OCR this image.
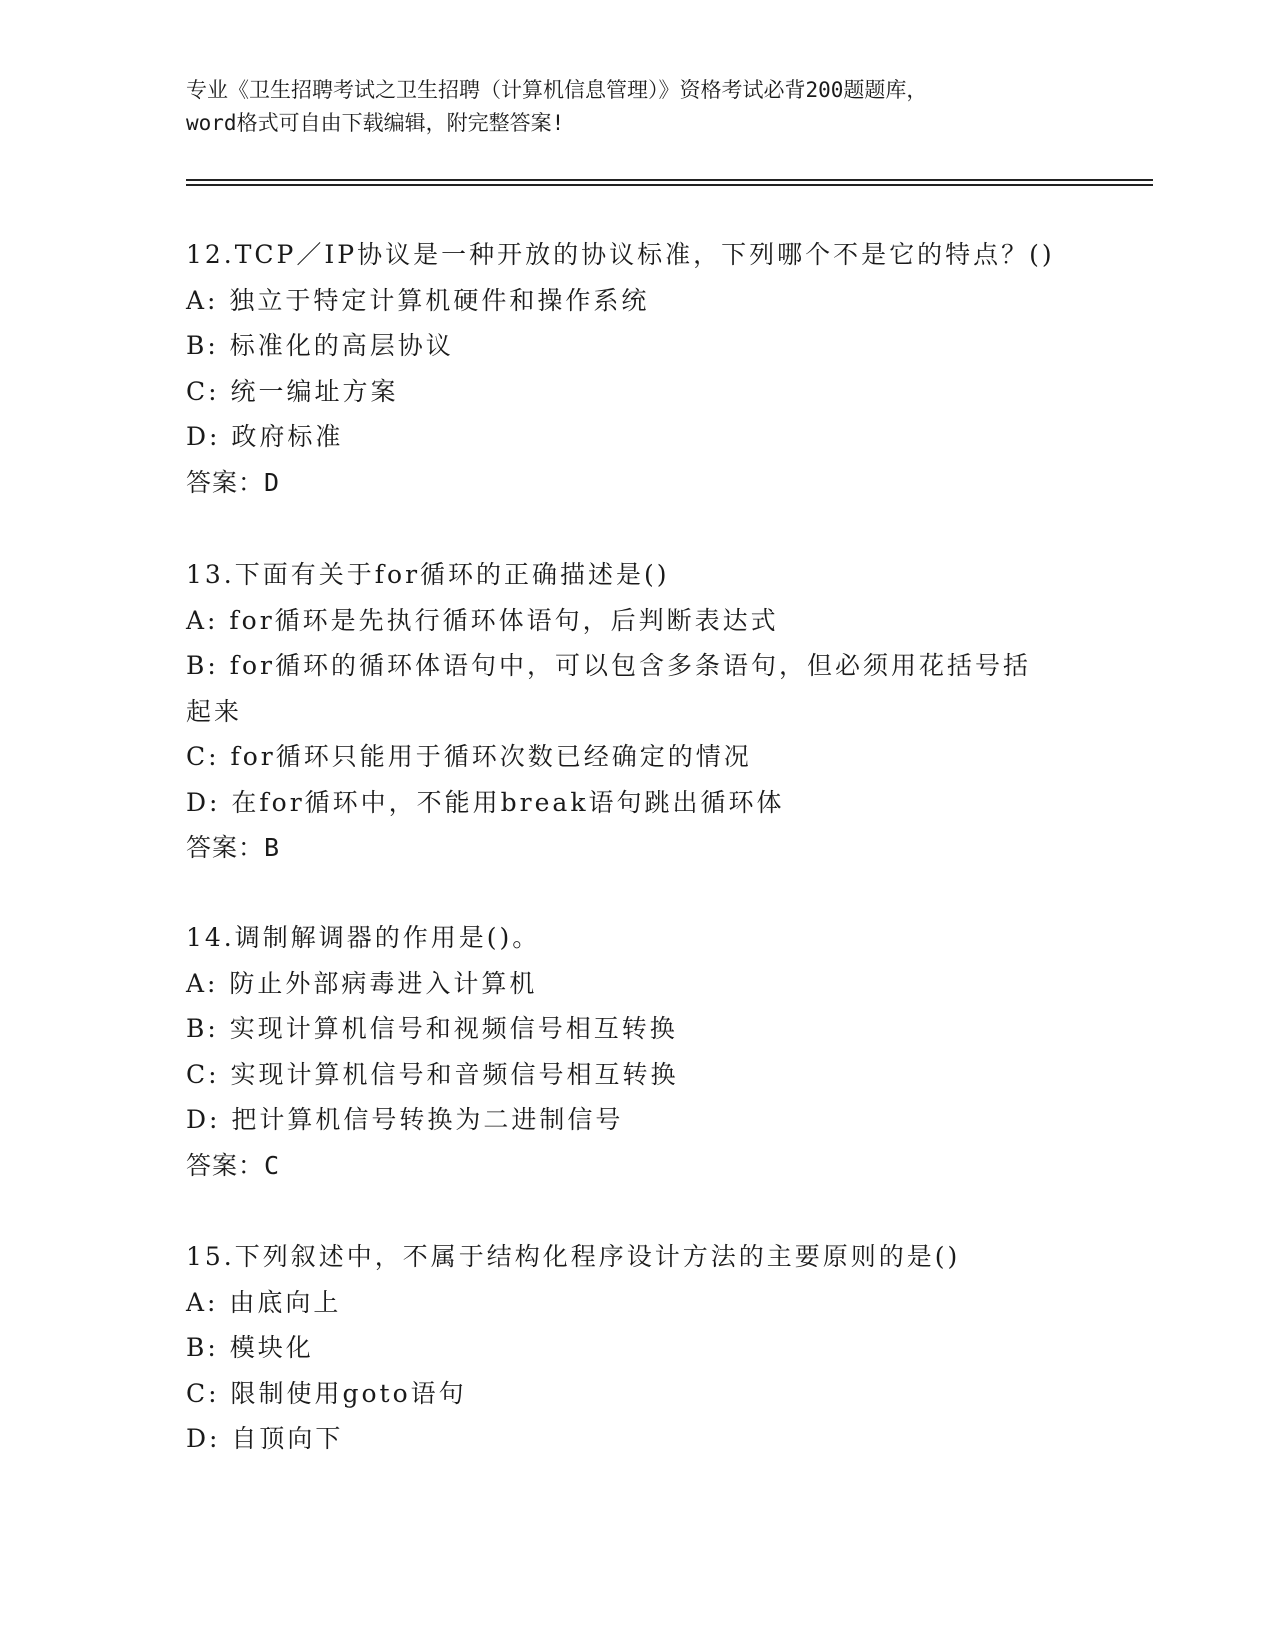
专业《卫生招聘考试之卫生招聘（计算机信息管理）》资格考试必背200题题库，
word格式可自由下载编辑，附完整答案!
12.TCP／IP协议是一种开放的协议标准，下列哪个不是它的特点？()
A: 独立于特定计算机硬件和操作系统
B: 标准化的高层协议
C: 统一编址方案
D: 政府标准
答案：D
13.下面有关于for循环的正确描述是()
A: for循环是先执行循环体语句，后判断表达式
B: for循环的循环体语句中，可以包含多条语句，但必须用花括号括起来
C: for循环只能用于循环次数已经确定的情况
D: 在for循环中，不能用break语句跳出循环体
答案：B
14.调制解调器的作用是()。
A: 防止外部病毒进入计算机
B: 实现计算机信号和视频信号相互转换
C: 实现计算机信号和音频信号相互转换
D: 把计算机信号转换为二进制信号
答案：C
15.下列叙述中，不属于结构化程序设计方法的主要原则的是()
A: 由底向上
B: 模块化
C: 限制使用goto语句
D: 自顶向下
